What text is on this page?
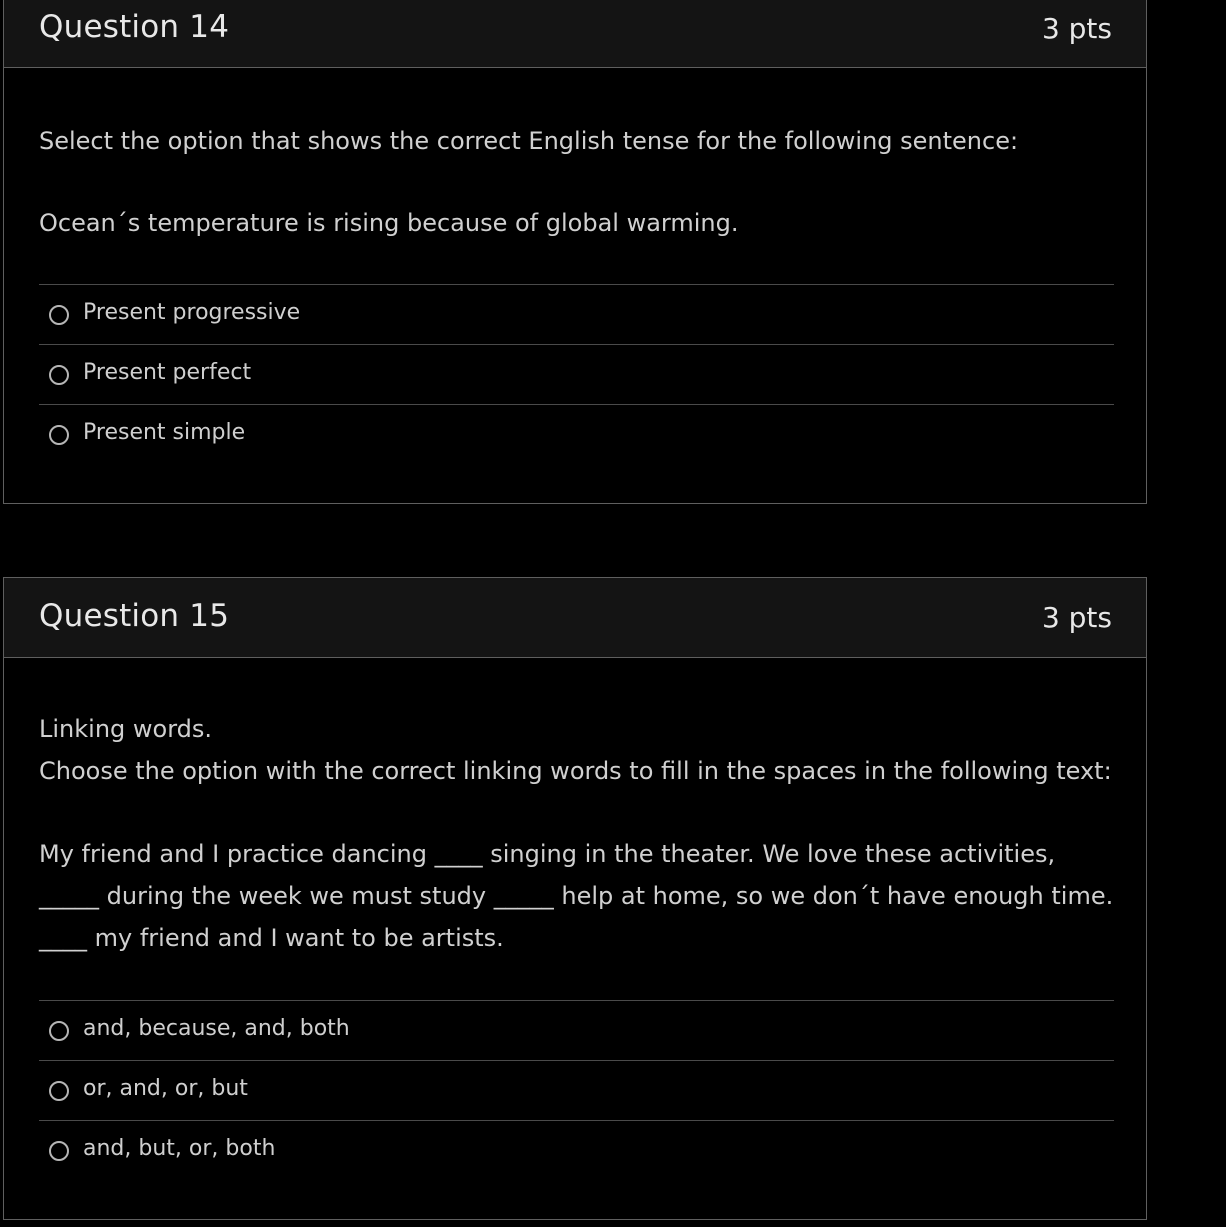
Question 14	3 pts

Select the option that shows the correct English tense for the following sentence:

Ocean´s temperature is rising because of global warming.

Present progressive
Present perfect
Present simple
Question 15	3 pts

Linking words.

Choose the option with the correct linking words to fill in the spaces in the following text:

My friend and I practice dancing ____ singing in the theater. We love these activities,

_____ during the week we must study _____ help at home, so we don´t have enough time.

____ my friend and I want to be artists.

and, because, and, both
or, and, or, but
and, but, or, both
